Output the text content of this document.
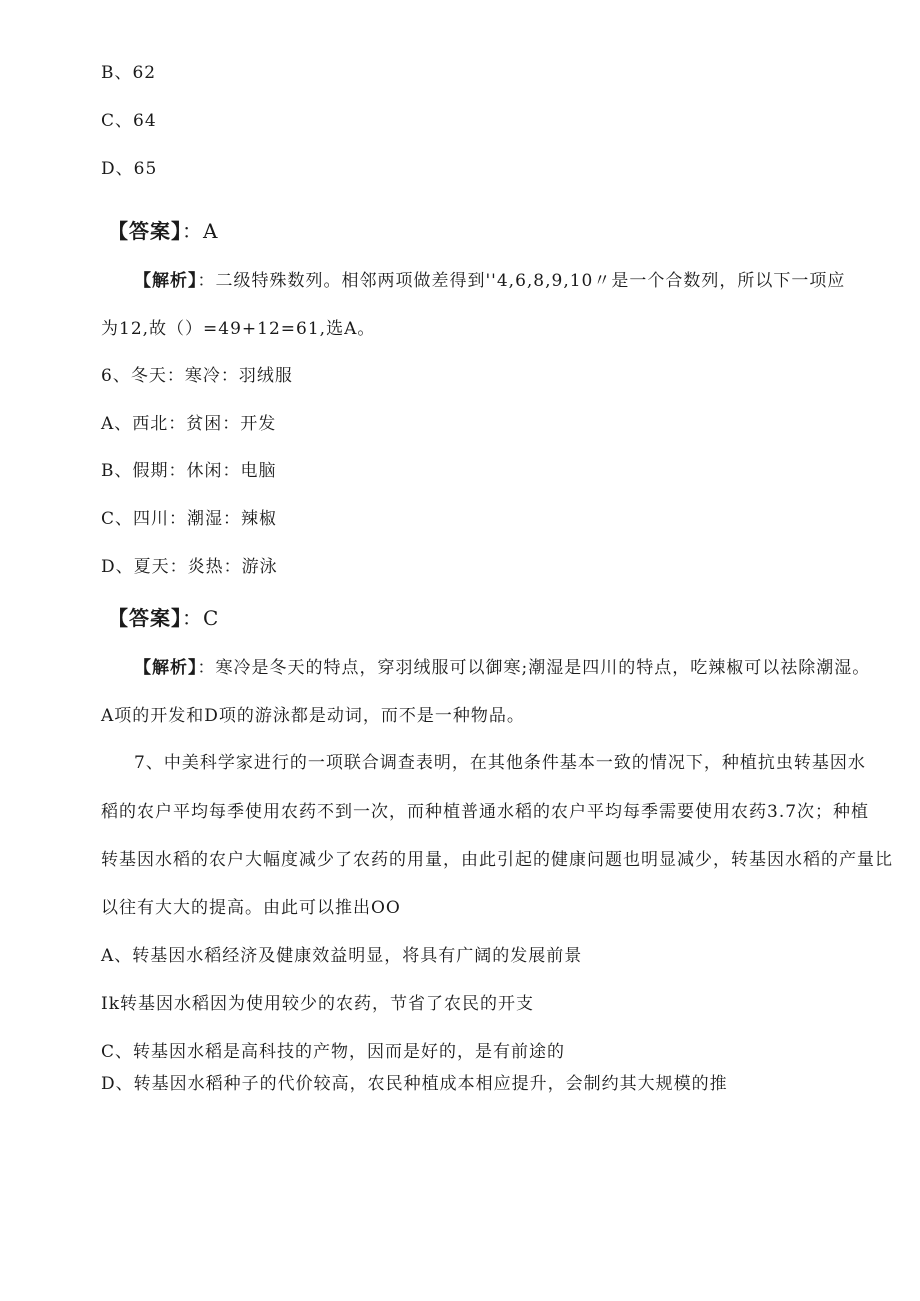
B、62
C、64
D、65
【答案】：A
【解析】：二级特殊数列。相邻两项做差得到''4,6,8,9,10〃是一个合数列，所以下一项应
为12,故（）=49+12=61,选A。
6、冬天：寒冷：羽绒服
A、西北：贫困：开发
B、假期：休闲：电脑
C、四川：潮湿：辣椒
D、夏天：炎热：游泳
【答案】：C
【解析】：寒冷是冬天的特点，穿羽绒服可以御寒;潮湿是四川的特点，吃辣椒可以祛除潮湿。
A项的开发和D项的游泳都是动词，而不是一种物品。
7、中美科学家进行的一项联合调查表明，在其他条件基本一致的情况下，种植抗虫转基因水
稻的农户平均每季使用农药不到一次，而种植普通水稻的农户平均每季需要使用农药3.7次；种植
转基因水稻的农户大幅度减少了农药的用量，由此引起的健康问题也明显减少，转基因水稻的产量比
以往有大大的提高。由此可以推出OO
A、转基因水稻经济及健康效益明显，将具有广阔的发展前景
Ik转基因水稻因为使用较少的农药，节省了农民的开支
C、转基因水稻是高科技的产物，因而是好的，是有前途的
D、转基因水稻种子的代价较高，农民种植成本相应提升，会制约其大规模的推
